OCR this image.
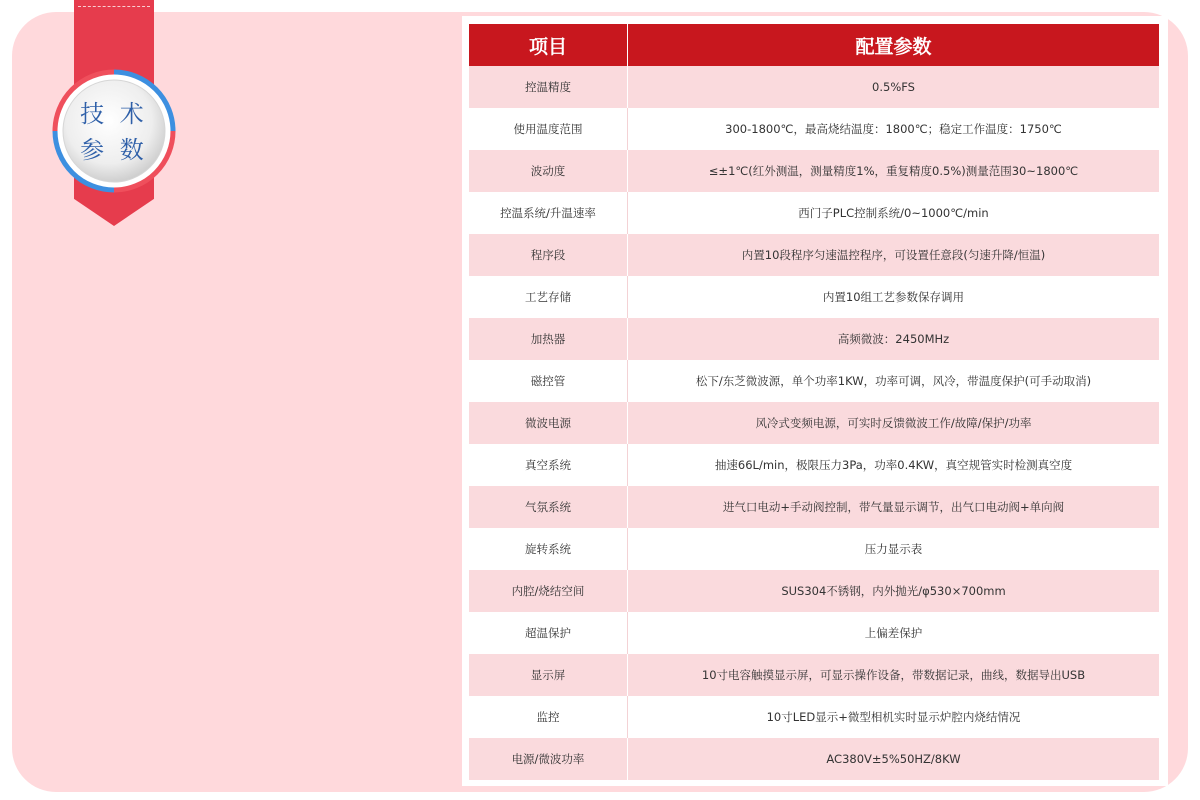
技 术
参 数
项目	配置参数
控温精度	0.5%FS
使用温度范围	300-1800℃，最高烧结温度：1800℃；稳定工作温度：1750℃
波动度	≤±1℃(红外测温，测量精度1%，重复精度0.5%)测量范围30~1800℃
控温系统/升温速率	西门子PLC控制系统/0~1000℃/min
程序段	内置10段程序匀速温控程序，可设置任意段(匀速升降/恒温)
工艺存储	内置10组工艺参数保存调用
加热器	高频微波：2450MHz
磁控管	松下/东芝微波源，单个功率1KW，功率可调，风冷，带温度保护(可手动取消)
微波电源	风冷式变频电源，可实时反馈微波工作/故障/保护/功率
真空系统	抽速66L/min，极限压力3Pa，功率0.4KW，真空规管实时检测真空度
气氛系统	进气口电动+手动阀控制，带气量显示调节，出气口电动阀+单向阀
旋转系统	压力显示表
内腔/烧结空间	SUS304不锈钢，内外抛光/φ530×700mm
超温保护	上偏差保护
显示屏	10寸电容触摸显示屏，可显示操作设备，带数据记录，曲线，数据导出USB
监控	10寸LED显示+微型相机实时显示炉腔内烧结情况
电源/微波功率	AC380V±5%50HZ/8KW
